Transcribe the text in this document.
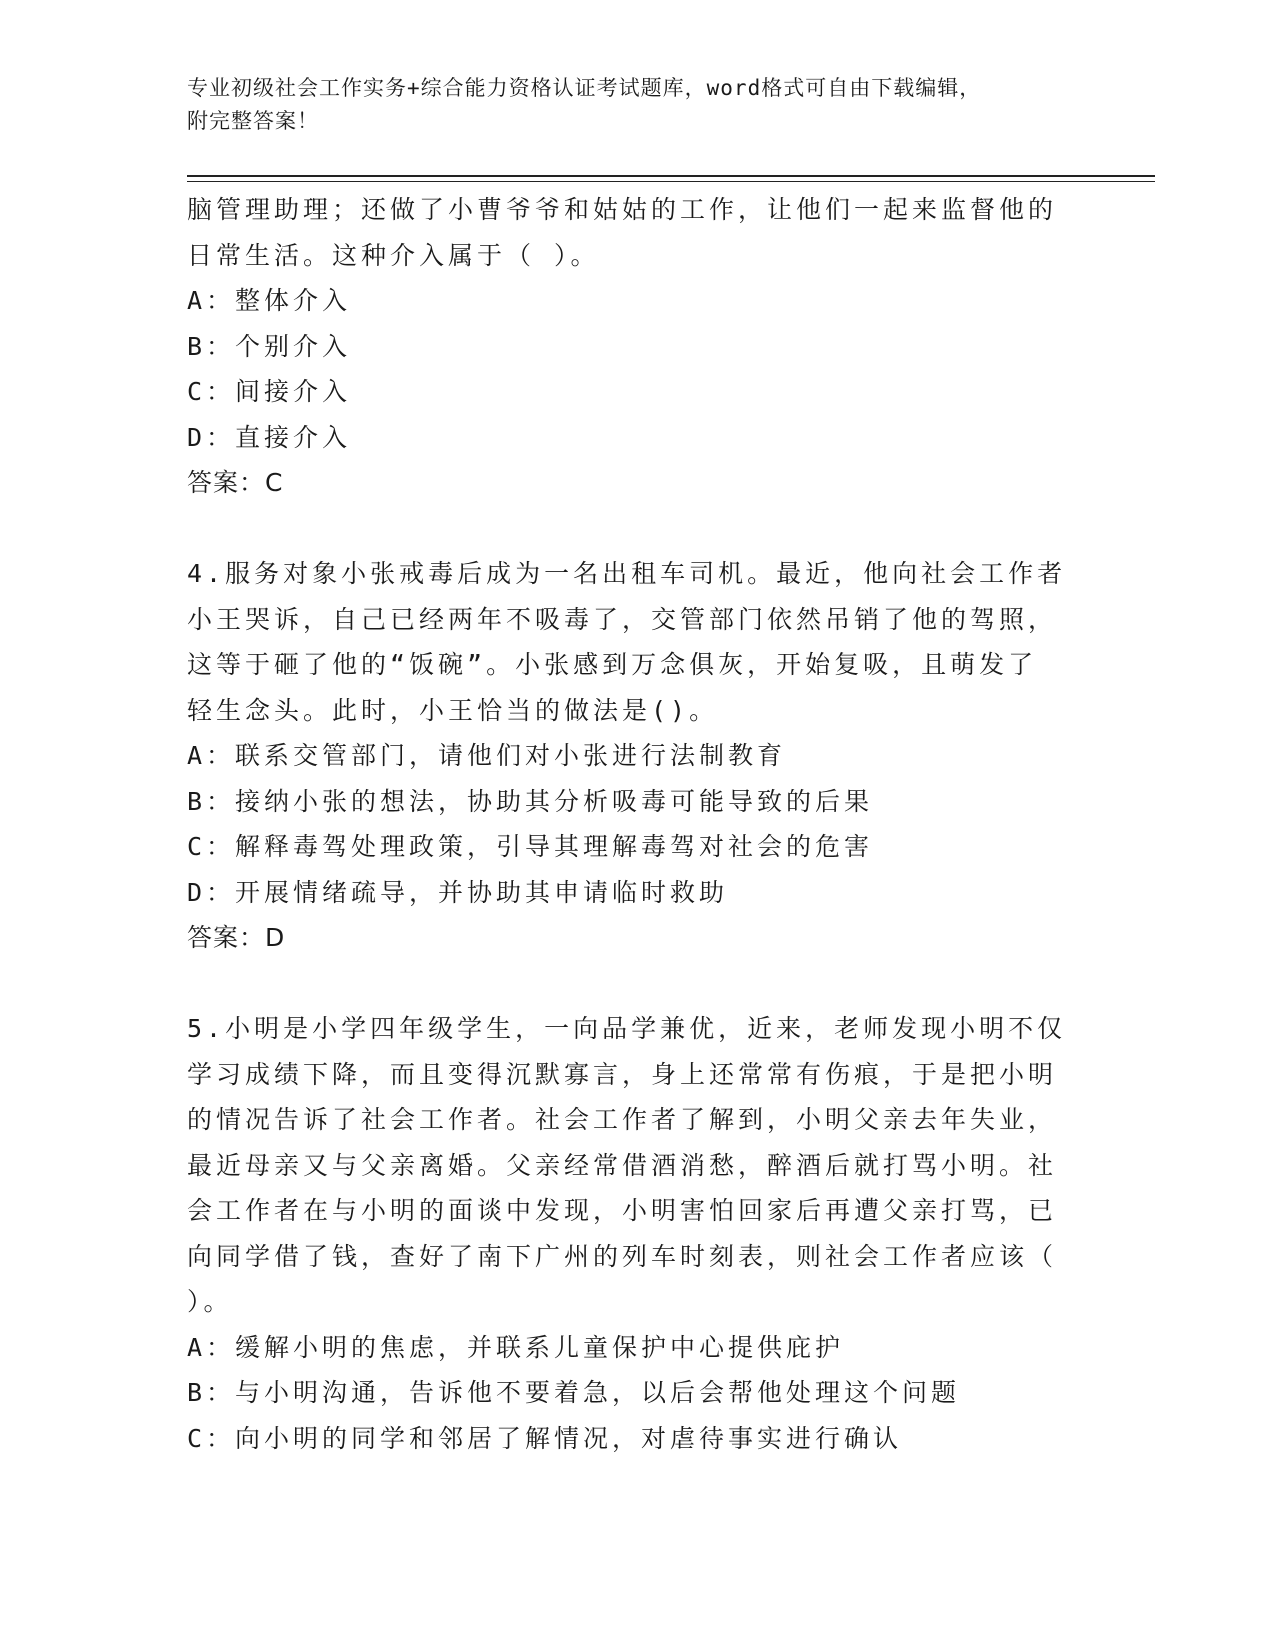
专业初级社会工作实务+综合能力资格认证考试题库，word格式可自由下载编辑，
附完整答案！
脑管理助理；还做了小曹爷爷和姑姑的工作，让他们一起来监督他的
日常生活。这种介入属于（ ）。
A：整体介入
B：个别介入
C：间接介入
D：直接介入
答案：C
4.服务对象小张戒毒后成为一名出租车司机。最近，他向社会工作者
小王哭诉，自己已经两年不吸毒了，交管部门依然吊销了他的驾照，
这等于砸了他的“饭碗”。小张感到万念俱灰，开始复吸，且萌发了
轻生念头。此时，小王恰当的做法是()。
A：联系交管部门，请他们对小张进行法制教育
B：接纳小张的想法，协助其分析吸毒可能导致的后果
C：解释毒驾处理政策，引导其理解毒驾对社会的危害
D：开展情绪疏导，并协助其申请临时救助
答案：D
5.小明是小学四年级学生，一向品学兼优，近来，老师发现小明不仅
学习成绩下降，而且变得沉默寡言，身上还常常有伤痕，于是把小明
的情况告诉了社会工作者。社会工作者了解到，小明父亲去年失业，
最近母亲又与父亲离婚。父亲经常借酒消愁，醉酒后就打骂小明。社
会工作者在与小明的面谈中发现，小明害怕回家后再遭父亲打骂，已
向同学借了钱，查好了南下广州的列车时刻表，则社会工作者应该（
）。
A：缓解小明的焦虑，并联系儿童保护中心提供庇护
B：与小明沟通，告诉他不要着急，以后会帮他处理这个问题
C：向小明的同学和邻居了解情况，对虐待事实进行确认
